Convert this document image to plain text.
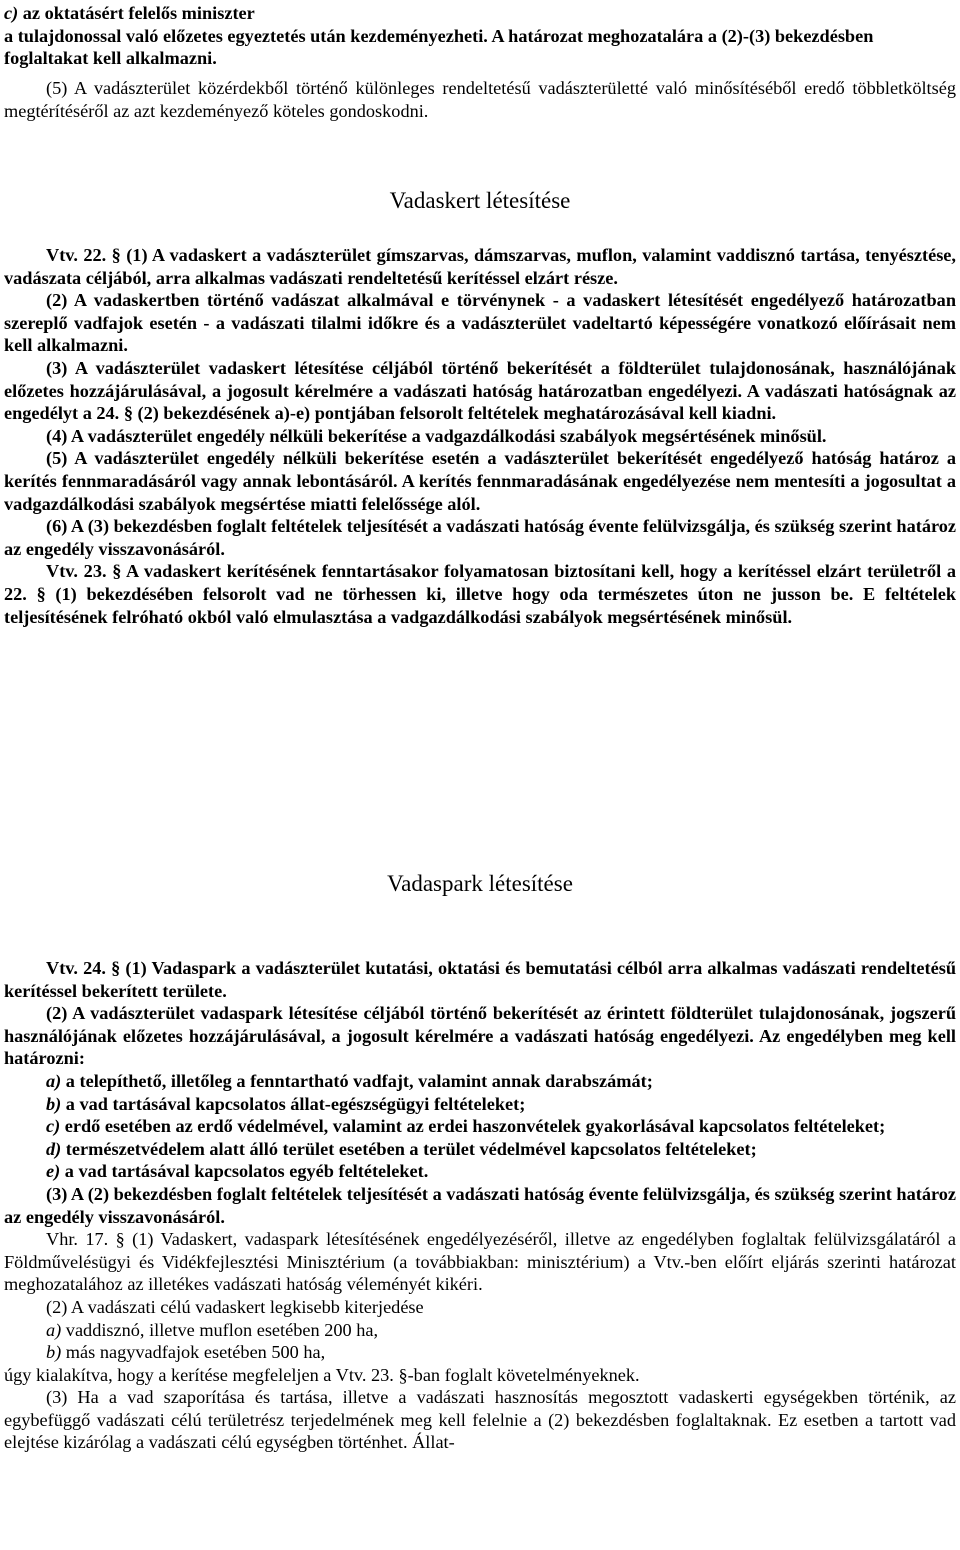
c) az oktatásért felelős miniszter

a tulajdonossal való előzetes egyeztetés után kezdeményezheti. A határozat meghozatalára a (2)-(3) bekezdésben foglaltakat kell alkalmazni.

(5) A vadászterület közérdekből történő különleges rendeltetésű vadászterületté való minősítéséből eredő többletköltség megtérítéséről az azt kezdeményező köteles gondoskodni.

Vadaskert létesítése

Vtv. 22. § (1) A vadaskert a vadászterület gímszarvas, dámszarvas, muflon, valamint vaddisznó tartása, tenyésztése, vadászata céljából, arra alkalmas vadászati rendeltetésű kerítéssel elzárt része.

(2) A vadaskertben történő vadászat alkalmával e törvénynek - a vadaskert létesítését engedélyező határozatban szereplő vadfajok esetén - a vadászati tilalmi időkre és a vadászterület vadeltartó képességére vonatkozó előírásait nem kell alkalmazni.

(3) A vadászterület vadaskert létesítése céljából történő bekerítését a földterület tulajdonosának, használójának előzetes hozzájárulásával, a jogosult kérelmére a vadászati hatóság határozatban engedélyezi. A vadászati hatóságnak az engedélyt a 24. § (2) bekezdésének a)-e) pontjában felsorolt feltételek meghatározásával kell kiadni.

(4) A vadászterület engedély nélküli bekerítése a vadgazdálkodási szabályok megsértésének minősül.

(5) A vadászterület engedély nélküli bekerítése esetén a vadászterület bekerítését engedélyező hatóság határoz a kerítés fennmaradásáról vagy annak lebontásáról. A kerítés fennmaradásának engedélyezése nem mentesíti a jogosultat a vadgazdálkodási szabályok megsértése miatti felelőssége alól.

(6) A (3) bekezdésben foglalt feltételek teljesítését a vadászati hatóság évente felülvizsgálja, és szükség szerint határoz az engedély visszavonásáról.

Vtv. 23. § A vadaskert kerítésének fenntartásakor folyamatosan biztosítani kell, hogy a kerítéssel elzárt területről a 22. § (1) bekezdésében felsorolt vad ne törhessen ki, illetve hogy oda természetes úton ne jusson be. E feltételek teljesítésének felróható okból való elmulasztása a vadgazdálkodási szabályok megsértésének minősül.

Vadaspark létesítése

Vtv. 24. § (1) Vadaspark a vadászterület kutatási, oktatási és bemutatási célból arra alkalmas vadászati rendeltetésű kerítéssel bekerített területe.

(2) A vadászterület vadaspark létesítése céljából történő bekerítését az érintett földterület tulajdonosának, jogszerű használójának előzetes hozzájárulásával, a jogosult kérelmére a vadászati hatóság engedélyezi. Az engedélyben meg kell határozni:

a) a telepíthető, illetőleg a fenntartható vadfajt, valamint annak darabszámát;

b) a vad tartásával kapcsolatos állat-egészségügyi feltételeket;

c) erdő esetében az erdő védelmével, valamint az erdei haszonvételek gyakorlásával kapcsolatos feltételeket;

d) természetvédelem alatt álló terület esetében a terület védelmével kapcsolatos feltételeket;

e) a vad tartásával kapcsolatos egyéb feltételeket.

(3) A (2) bekezdésben foglalt feltételek teljesítését a vadászati hatóság évente felülvizsgálja, és szükség szerint határoz az engedély visszavonásáról.

Vhr. 17. § (1) Vadaskert, vadaspark létesítésének engedélyezéséről, illetve az engedélyben foglaltak felülvizsgálatáról a Földművelésügyi és Vidékfejlesztési Minisztérium (a továbbiakban: minisztérium) a Vtv.-ben előírt eljárás szerinti határozat meghozatalához az illetékes vadászati hatóság véleményét kikéri.

(2) A vadászati célú vadaskert legkisebb kiterjedése

a) vaddisznó, illetve muflon esetében 200 ha,

b) más nagyvadfajok esetében 500 ha,

úgy kialakítva, hogy a kerítése megfeleljen a Vtv. 23. §-ban foglalt követelményeknek.

(3) Ha a vad szaporítása és tartása, illetve a vadászati hasznosítás megosztott vadaskerti egységekben történik, az egybefüggő vadászati célú területrész terjedelmének meg kell felelnie a (2) bekezdésben foglaltaknak. Ez esetben a tartott vad elejtése kizárólag a vadászati célú egységben történhet. Állat-
